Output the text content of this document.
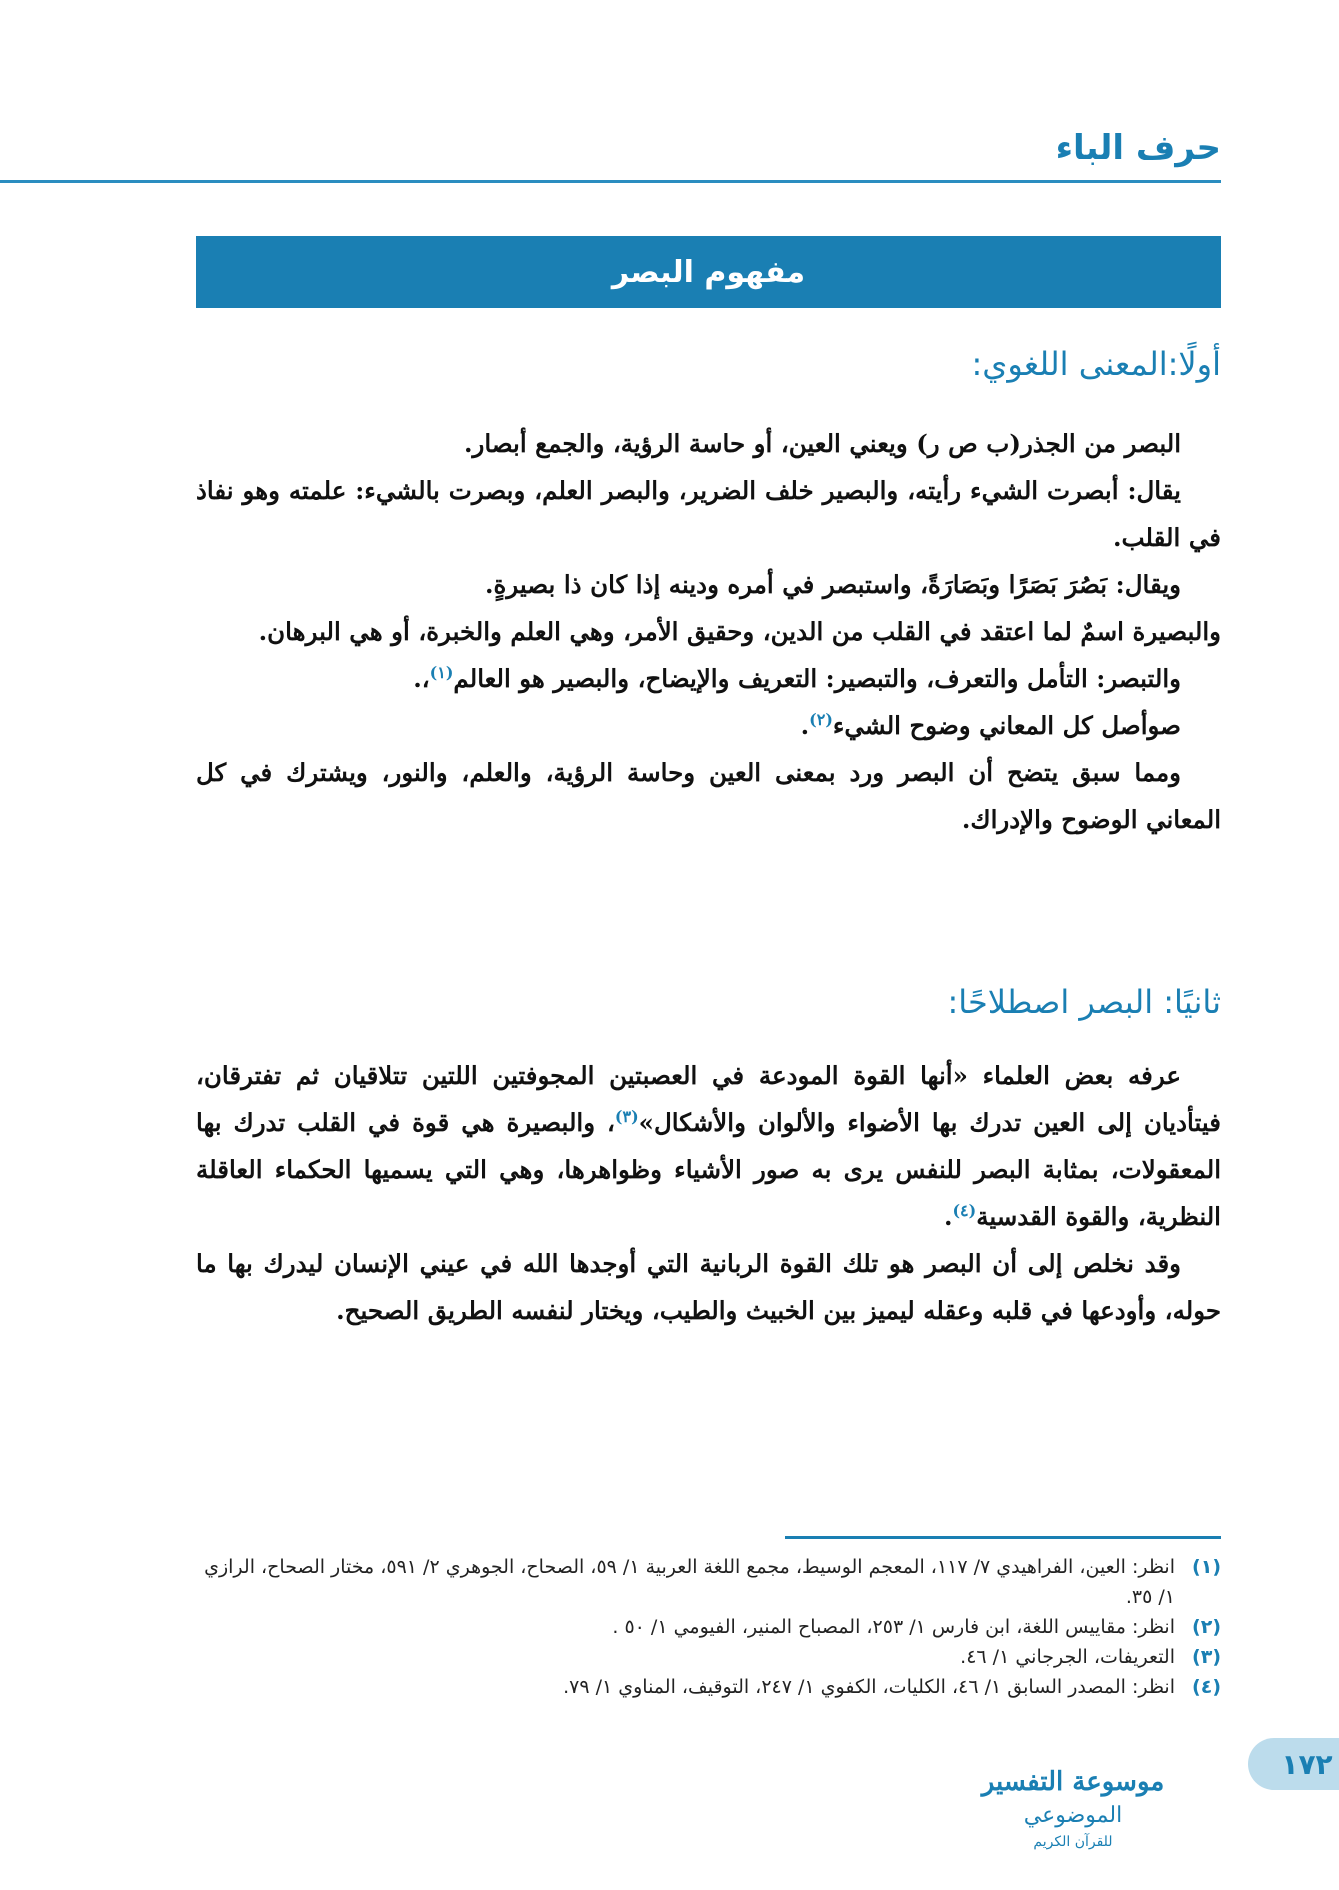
حرف الباء
مفهوم البصر
أولًا:المعنى اللغوي:

البصر من الجذر(ب ص ر) ويعني العين، أو حاسة الرؤية، والجمع أبصار.

يقال: أبصرت الشيء رأيته، والبصير خلف الضرير، والبصر العلم، وبصرت بالشيء: علمته وهو نفاذ في القلب.

ويقال: بَصُرَ بَصَرًا وبَصَارَةً، واستبصر في أمره ودينه إذا كان ذا بصيرةٍ.

والبصيرة اسمٌ لما اعتقد في القلب من الدين، وحقيق الأمر، وهي العلم والخبرة، أو هي البرهان.

والتبصر: التأمل والتعرف، والتبصير: التعريف والإيضاح، والبصير هو العالم$^{(١)}$،.

صوأصل كل المعاني وضوح الشيء$^{(٢)}$.

ومما سبق يتضح أن البصر ورد بمعنى العين وحاسة الرؤية، والعلم، والنور، ويشترك في كل المعاني الوضوح والإدراك.

ثانيًا: البصر اصطلاحًا:

عرفه بعض العلماء «أنها القوة المودعة في العصبتين المجوفتين اللتين تتلاقيان ثم تفترقان، فيتأديان إلى العين تدرك بها الأضواء والألوان والأشكال»$^{(٣)}$، والبصيرة هي قوة في القلب تدرك بها المعقولات، بمثابة البصر للنفس يرى به صور الأشياء وظواهرها، وهي التي يسميها الحكماء العاقلة النظرية، والقوة القدسية$^{(٤)}$.

وقد نخلص إلى أن البصر هو تلك القوة الربانية التي أوجدها الله في عيني الإنسان ليدرك بها ما حوله، وأودعها في قلبه وعقله ليميز بين الخبيث والطيب، ويختار لنفسه الطريق الصحيح.

(١)
انظر: العين، الفراهيدي ٧/ ١١٧، المعجم الوسيط، مجمع اللغة العربية ١/ ٥٩، الصحاح، الجوهري ٢/ ٥٩١، مختار الصحاح، الرازي ١/ ٣٥.
(٢)
انظر: مقاييس اللغة، ابن فارس ١/ ٢٥٣، المصباح المنير، الفيومي ١/ ٥٠ .
(٣)
التعريفات، الجرجاني ١/ ٤٦.
(٤)
انظر: المصدر السابق ١/ ٤٦، الكليات، الكفوي ١/ ٢٤٧، التوقيف، المناوي ١/ ٧٩.
موسوعة التفسير
الموضوعي
للقرآن الكريم
١٧٢
